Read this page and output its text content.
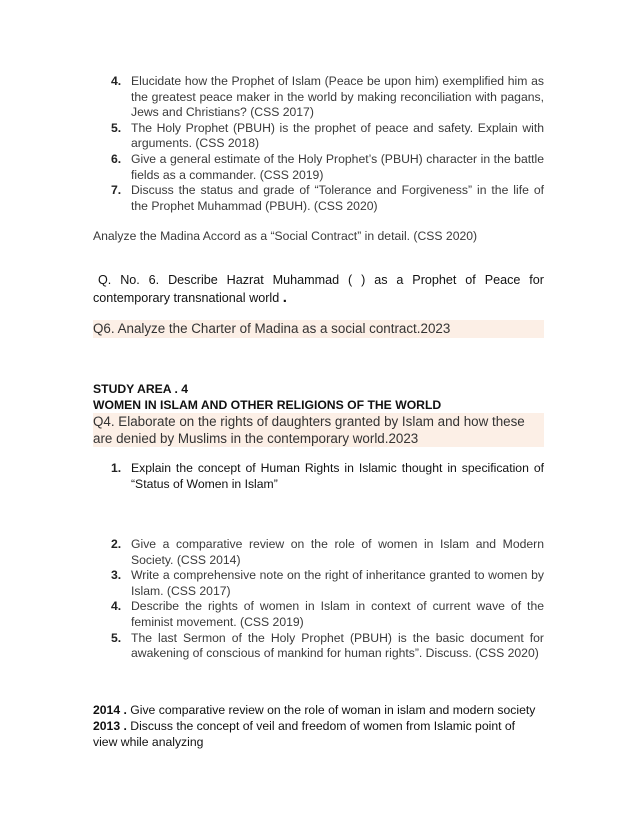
4. Elucidate how the Prophet of Islam (Peace be upon him) exemplified him as the greatest peace maker in the world by making reconciliation with pagans, Jews and Christians? (CSS 2017)
5. The Holy Prophet (PBUH) is the prophet of peace and safety. Explain with arguments. (CSS 2018)
6. Give a general estimate of the Holy Prophet’s (PBUH) character in the battle fields as a commander. (CSS 2019)
7. Discuss the status and grade of “Tolerance and Forgiveness” in the life of the Prophet Muhammad (PBUH). (CSS 2020)
Analyze the Madina Accord as a “Social Contract” in detail. (CSS 2020)
Q. No. 6. Describe Hazrat Muhammad ( ) as a Prophet of Peace for contemporary transnational world .
Q6. Analyze the Charter of Madina as a social contract.2023
STUDY AREA . 4
WOMEN IN ISLAM AND OTHER RELIGIONS OF THE WORLD
Q4. Elaborate on the rights of daughters granted by Islam and how these are denied by Muslims in the contemporary world.2023
1. Explain the concept of Human Rights in Islamic thought in specification of “Status of Women in Islam”
2. Give a comparative review on the role of women in Islam and Modern Society. (CSS 2014)
3. Write a comprehensive note on the right of inheritance granted to women by Islam. (CSS 2017)
4. Describe the rights of women in Islam in context of current wave of the feminist movement. (CSS 2019)
5. The last Sermon of the Holy Prophet (PBUH) is the basic document for awakening of conscious of mankind for human rights”. Discuss. (CSS 2020)
2014 . Give comparative review on the role of woman in islam and modern society
2013 . Discuss the concept of veil and freedom of women from Islamic point of view while analyzing
